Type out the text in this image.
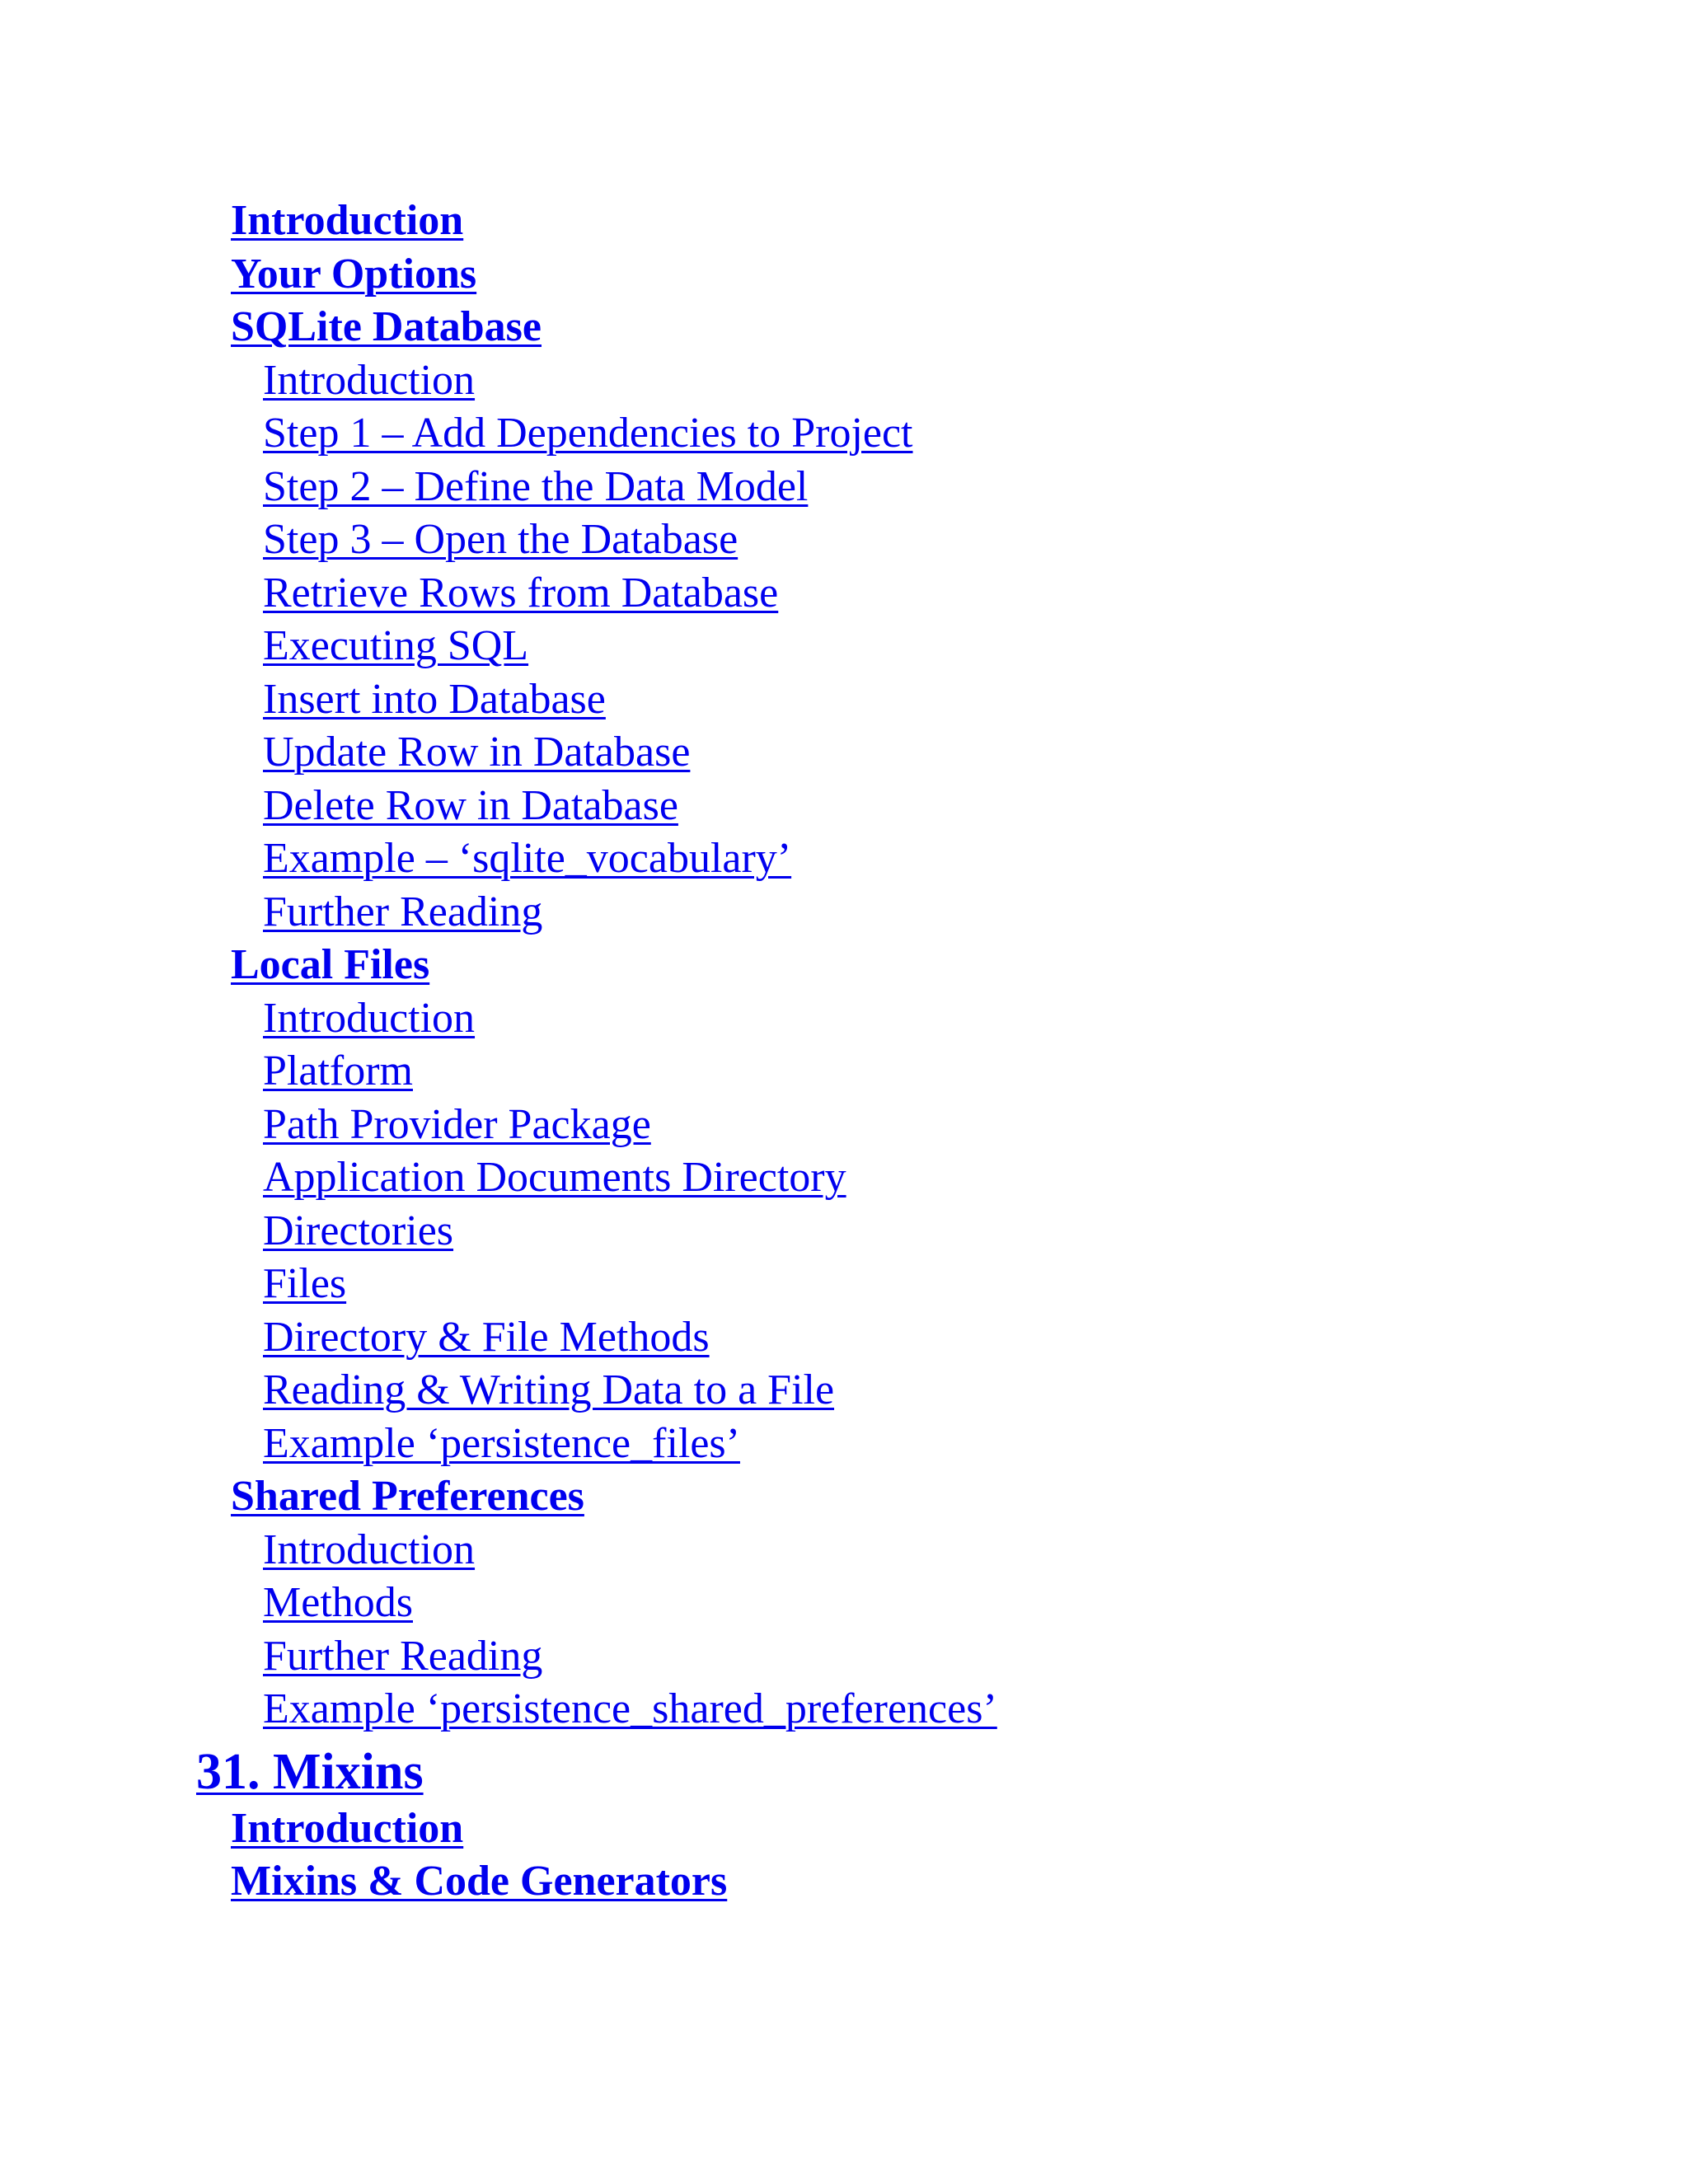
Introduction
Your Options
SQLite Database
Introduction
Step 1 – Add Dependencies to Project
Step 2 – Define the Data Model
Step 3 – Open the Database
Retrieve Rows from Database
Executing SQL
Insert into Database
Update Row in Database
Delete Row in Database
Example – ‘sqlite_vocabulary’
Further Reading
Local Files
Introduction
Platform
Path Provider Package
Application Documents Directory
Directories
Files
Directory & File Methods
Reading & Writing Data to a File
Example ‘persistence_files’
Shared Preferences
Introduction
Methods
Further Reading
Example ‘persistence_shared_preferences’
31. Mixins
Introduction
Mixins & Code Generators
